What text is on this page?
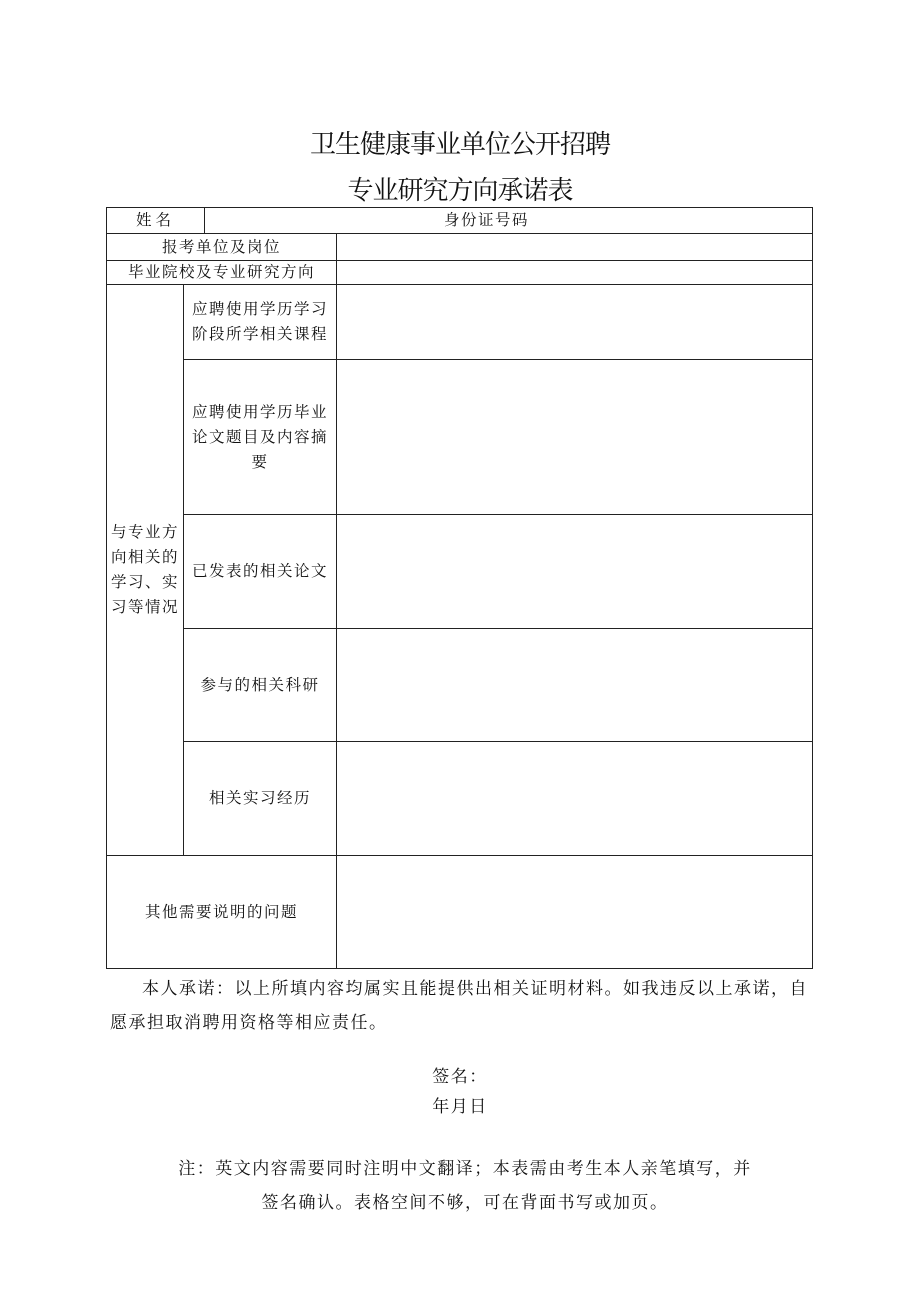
卫生健康事业单位公开招聘
专业研究方向承诺表
姓名	身份证号码
报考单位及岗位
毕业院校及专业研究方向
与专业方向相关的学习、实习等情况
应聘使用学历学习阶段所学相关课程
应聘使用学历毕业论文题目及内容摘要
已发表的相关论文
参与的相关科研
相关实习经历
其他需要说明的问题
本人承诺：以上所填内容均属实且能提供出相关证明材料。如我违反以上承诺，自愿承担取消聘用资格等相应责任。
签名：
年月日
注：英文内容需要同时注明中文翻译；本表需由考生本人亲笔填写，并签名确认。表格空间不够，可在背面书写或加页。
